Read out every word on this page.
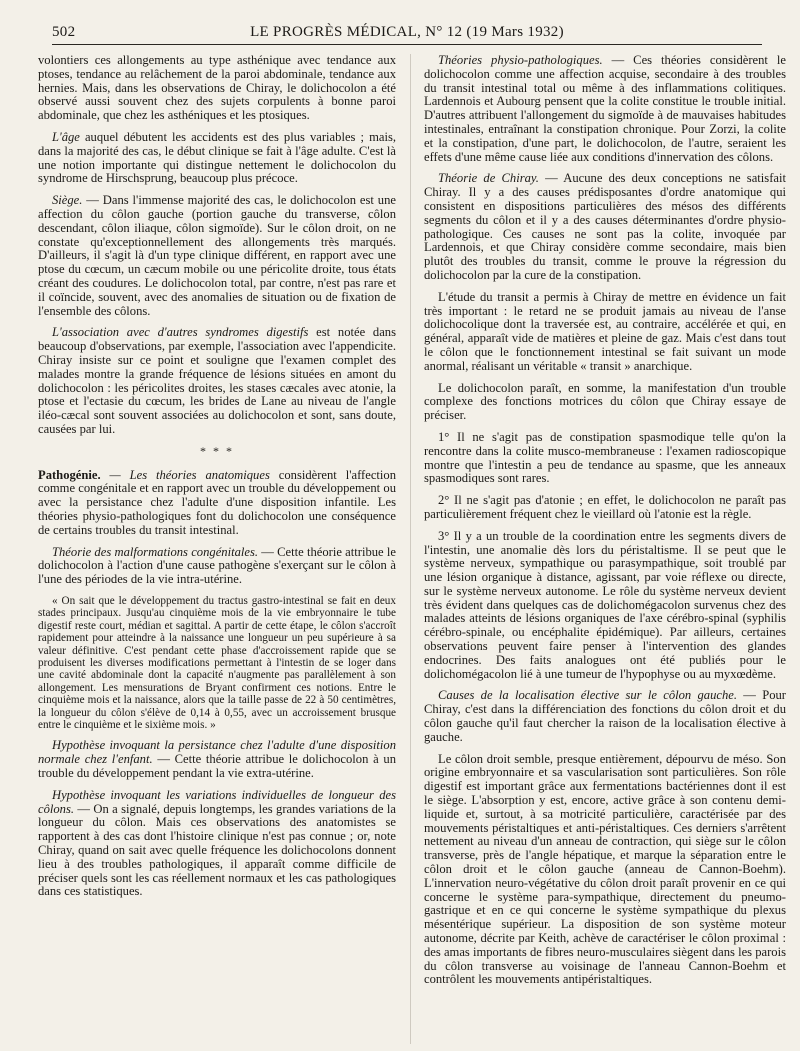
502	LE PROGRÈS MÉDICAL, N° 12 (19 Mars 1932)

volontiers ces allongements au type asthénique avec tendance aux ptoses, tendance au relâchement de la paroi abdominale, tendance aux hernies. Mais, dans les observations de Chiray, le dolichocolon a été observé aussi souvent chez des sujets corpulents à bonne paroi abdominale, que chez les asthéniques et les ptosiques.

L'âge auquel débutent les accidents est des plus variables ; mais, dans la majorité des cas, le début clinique se fait à l'âge adulte. C'est là une notion importante qui distingue nettement le dolichocolon du syndrome de Hirschsprung, beaucoup plus précoce.

Siège. — Dans l'immense majorité des cas, le dolichocolon est une affection du côlon gauche (portion gauche du transverse, côlon descendant, côlon iliaque, côlon sigmoïde). Sur le côlon droit, on ne constate qu'exceptionnellement des allongements très marqués. D'ailleurs, il s'agit là d'un type clinique différent, en rapport avec une ptose du cœcum, un cæcum mobile ou une péricolite droite, tous états créant des coudures. Le dolichocolon total, par contre, n'est pas rare et il coïncide, souvent, avec des anomalies de situation ou de fixation de l'ensemble des côlons.

L'association avec d'autres syndromes digestifs est notée dans beaucoup d'observations, par exemple, l'association avec l'appendicite. Chiray insiste sur ce point et souligne que l'examen complet des malades montre la grande fréquence de lésions situées en amont du dolichocolon : les péricolites droites, les stases cæcales avec atonie, la ptose et l'ectasie du cœcum, les brides de Lane au niveau de l'angle iléo-cæcal sont souvent associées au dolichocolon et sont, sans doute, causées par lui.

* * *

Pathogénie. — Les théories anatomiques considèrent l'affection comme congénitale et en rapport avec un trouble du développement ou avec la persistance chez l'adulte d'une disposition infantile. Les théories physio-pathologiques font du dolichocolon une conséquence de certains troubles du transit intestinal.

Théorie des malformations congénitales. — Cette théorie attribue le dolichocolon à l'action d'une cause pathogène s'exerçant sur le côlon à l'une des périodes de la vie intra-utérine.

« On sait que le développement du tractus gastro-intestinal se fait en deux stades principaux. Jusqu'au cinquième mois de la vie embryonnaire le tube digestif reste court, médian et sagittal. A partir de cette étape, le côlon s'accroît rapidement pour atteindre à la naissance une longueur un peu supérieure à sa valeur définitive. C'est pendant cette phase d'accroissement rapide que se produisent les diverses modifications permettant à l'intestin de se loger dans une cavité abdominale dont la capacité n'augmente pas parallèlement à son allongement. Les mensurations de Bryant confirment ces notions. Entre le cinquième mois et la naissance, alors que la taille passe de 22 à 50 centimètres, la longueur du côlon s'élève de 0,14 à 0,55, avec un accroissement brusque entre le cinquième et le sixième mois. »

Hypothèse invoquant la persistance chez l'adulte d'une disposition normale chez l'enfant. — Cette théorie attribue le dolichocolon à un trouble du développement pendant la vie extra-utérine.

Hypothèse invoquant les variations individuelles de longueur des côlons. — On a signalé, depuis longtemps, les grandes variations de la longueur du côlon. Mais ces observations des anatomistes se rapportent à des cas dont l'histoire clinique n'est pas connue ; or, note Chiray, quand on sait avec quelle fréquence les dolichocolons donnent lieu à des troubles pathologiques, il apparaît comme difficile de préciser quels sont les cas réellement normaux et les cas pathologiques dans ces statistiques.

Théories physio-pathologiques. — Ces théories considèrent le dolichocolon comme une affection acquise, secondaire à des troubles du transit intestinal total ou même à des inflammations colitiques. Lardennois et Aubourg pensent que la colite constitue le trouble initial. D'autres attribuent l'allongement du sigmoïde à de mauvaises habitudes intestinales, entraînant la constipation chronique. Pour Zorzi, la colite et la constipation, d'une part, le dolichocolon, de l'autre, seraient les effets d'une même cause liée aux conditions d'innervation des côlons.

Théorie de Chiray. — Aucune des deux conceptions ne satisfait Chiray. Il y a des causes prédisposantes d'ordre anatomique qui consistent en dispositions particulières des mésos des différents segments du côlon et il y a des causes déterminantes d'ordre physio-pathologique. Ces causes ne sont pas la colite, invoquée par Lardennois, et que Chiray considère comme secondaire, mais bien plutôt des troubles du transit, comme le prouve la régression du dolichocolon par la cure de la constipation.

L'étude du transit a permis à Chiray de mettre en évidence un fait très important : le retard ne se produit jamais au niveau de l'anse dolichocolique dont la traversée est, au contraire, accélérée et qui, en général, apparaît vide de matières et pleine de gaz. Mais c'est dans tout le côlon que le fonctionnement intestinal se fait suivant un mode anormal, réalisant un véritable « transit » anarchique.

Le dolichocolon paraît, en somme, la manifestation d'un trouble complexe des fonctions motrices du côlon que Chiray essaye de préciser.

1° Il ne s'agit pas de constipation spasmodique telle qu'on la rencontre dans la colite musco-membraneuse : l'examen radioscopique montre que l'intestin a peu de tendance au spasme, que les anneaux spasmodiques sont rares.

2° Il ne s'agit pas d'atonie ; en effet, le dolichocolon ne paraît pas particulièrement fréquent chez le vieillard où l'atonie est la règle.

3° Il y a un trouble de la coordination entre les segments divers de l'intestin, une anomalie dès lors du péristaltisme. Il se peut que le système nerveux, sympathique ou parasympathique, soit troublé par une lésion organique à distance, agissant, par voie réflexe ou directe, sur le système nerveux autonome. Le rôle du système nerveux devient très évident dans quelques cas de dolichomégacolon survenus chez des malades atteints de lésions organiques de l'axe cérébro-spinal (syphilis cérébro-spinale, ou encéphalite épidémique). Par ailleurs, certaines observations peuvent faire penser à l'intervention des glandes endocrines. Des faits analogues ont été publiés pour le dolichomégacolon lié à une tumeur de l'hypophyse ou au myxœdème.

Causes de la localisation élective sur le côlon gauche. — Pour Chiray, c'est dans la différenciation des fonctions du côlon droit et du côlon gauche qu'il faut chercher la raison de la localisation élective à gauche.

Le côlon droit semble, presque entièrement, dépourvu de méso. Son origine embryonnaire et sa vascularisation sont particulières. Son rôle digestif est important grâce aux fermentations bactériennes dont il est le siège. L'absorption y est, encore, active grâce à son contenu demi-liquide et, surtout, à sa motricité particulière, caractérisée par des mouvements péristaltiques et anti-péristaltiques. Ces derniers s'arrêtent nettement au niveau d'un anneau de contraction, qui siège sur le côlon transverse, près de l'angle hépatique, et marque la séparation entre le côlon droit et le côlon gauche (anneau de Cannon-Boehm). L'innervation neuro-végétative du côlon droit paraît provenir en ce qui concerne le système para-sympathique, directement du pneumo-gastrique et en ce qui concerne le système sympathique du plexus mésentérique supérieur. La disposition de son système moteur autonome, décrite par Keith, achève de caractériser le côlon proximal : des amas importants de fibres neuro-musculaires siègent dans les parois du côlon transverse au voisinage de l'anneau Cannon-Boehm et contrôlent les mouvements antipéristaltiques.
